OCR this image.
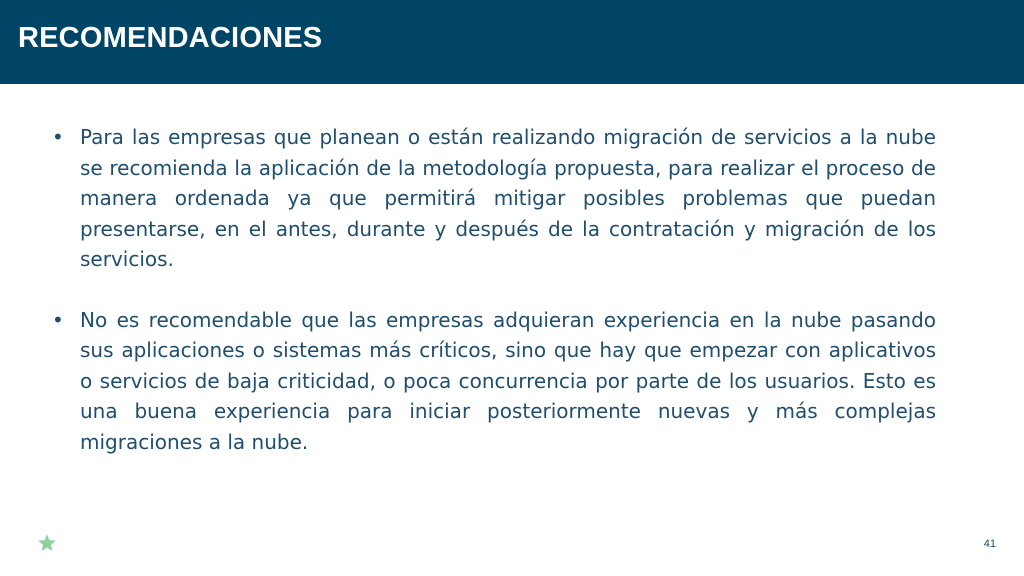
RECOMENDACIONES
• Para las empresas que planean o están realizando migración de servicios a la nube se recomienda la aplicación de la metodología propuesta, para realizar el proceso de manera ordenada ya que permitirá mitigar posibles problemas que puedan presentarse, en el antes, durante y después de la contratación y migración de los servicios.
• No es recomendable que las empresas adquieran experiencia en la nube pasando sus aplicaciones o sistemas más críticos, sino que hay que empezar con aplicativos o servicios de baja criticidad, o poca concurrencia por parte de los usuarios. Esto es una buena experiencia para iniciar posteriormente nuevas y más complejas migraciones a la nube.
41
